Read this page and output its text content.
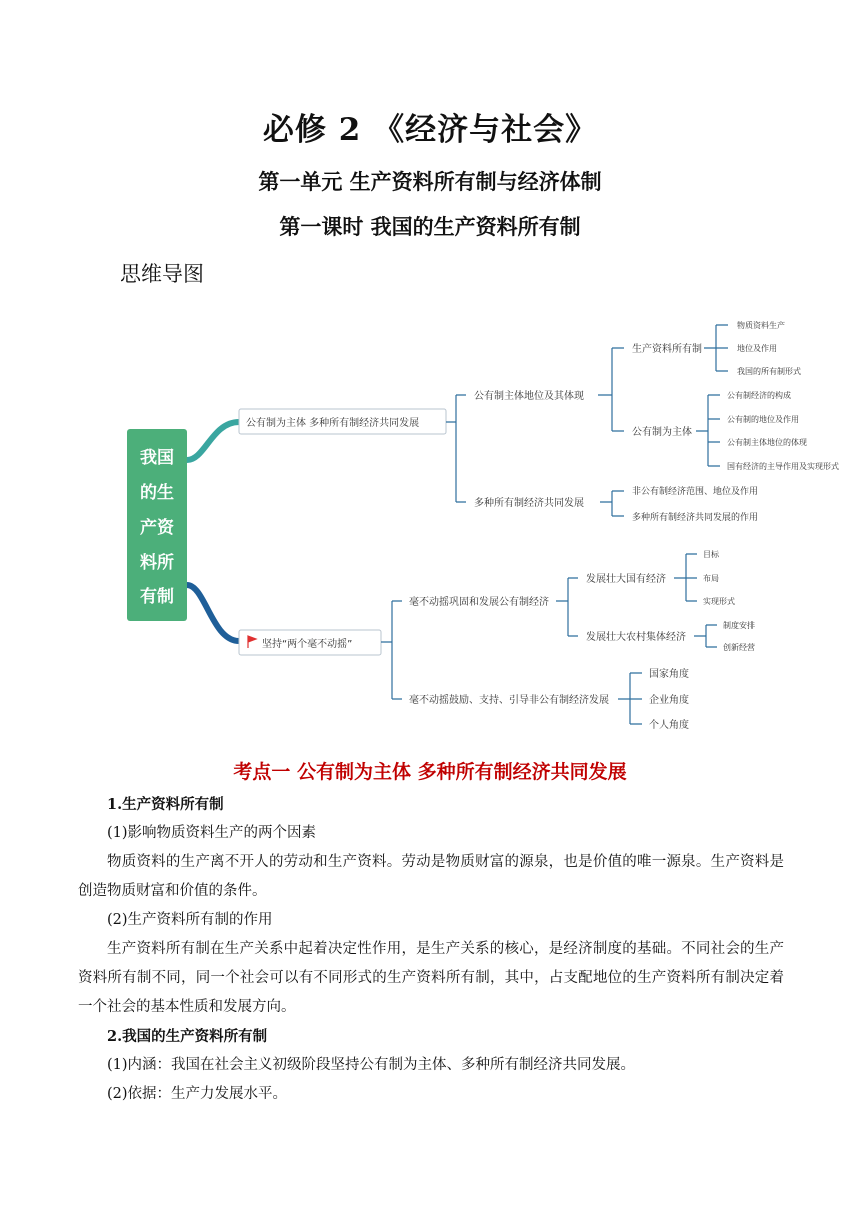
必修 2 《经济与社会》
第一单元 生产资料所有制与经济体制
第一课时 我国的生产资料所有制
思维导图
我国
的生
产资
料所
有制
公有制为主体 多种所有制经济共同发展
公有制主体地位及其体现
多种所有制经济共同发展
生产资料所有制
公有制为主体
物质资料生产
地位及作用
我国的所有制形式
公有制经济的构成
公有制的地位及作用
公有制主体地位的体现
国有经济的主导作用及实现形式
非公有制经济范围、地位及作用
多种所有制经济共同发展的作用
坚持“两个毫不动摇”
毫不动摇巩固和发展公有制经济
毫不动摇鼓励、支持、引导非公有制经济发展
发展壮大国有经济
发展壮大农村集体经济
目标
布局
实现形式
制度安排
创新经营
国家角度
企业角度
个人角度
考点一 公有制为主体 多种所有制经济共同发展

1.生产资料所有制

(1)影响物质资料生产的两个因素

物质资料的生产离不开人的劳动和生产资料。劳动是物质财富的源泉，也是价值的唯一源泉。生产资料是创造物质财富和价值的条件。

(2)生产资料所有制的作用

生产资料所有制在生产关系中起着决定性作用，是生产关系的核心，是经济制度的基础。不同社会的生产资料所有制不同，同一个社会可以有不同形式的生产资料所有制，其中，占支配地位的生产资料所有制决定着一个社会的基本性质和发展方向。

2.我国的生产资料所有制

(1)内涵：我国在社会主义初级阶段坚持公有制为主体、多种所有制经济共同发展。

(2)依据：生产力发展水平。
